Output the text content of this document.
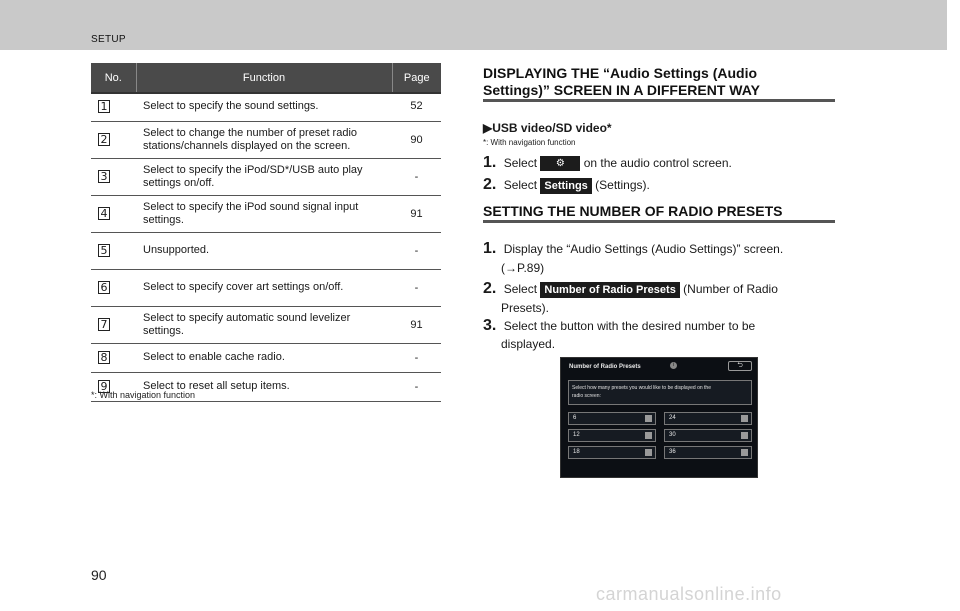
SETUP
No.	Function	Page
1	Select to specify the sound settings.	52
2	Select to change the number of preset radio stations/channels displayed on the screen.	90
3	Select to specify the iPod/SD*/USB auto play settings on/off.	-
4	Select to specify the iPod sound signal input settings.	91
5	Unsupported.	-
6	Select to specify cover art settings on/off.	-
7	Select to specify automatic sound levelizer settings.	91
8	Select to enable cache radio.	-
9	Select to reset all setup items.	-
*: With navigation function
DISPLAYING THE “Audio Settings (Audio
Settings)” SCREEN IN A DIFFERENT WAY
▶USB video/SD video*
*: With navigation function
1. Select ⚙ on the audio control screen.
2. Select Settings (Settings).
SETTING THE NUMBER OF RADIO PRESETS
1. Display the “Audio Settings (Audio Settings)” screen.
(→P.89)
2. Select Number of Radio Presets (Number of Radio
Presets).
3. Select the button with the desired number to be
displayed.
Number of Radio Presets	i	⮌
Select how many presets you would like to be displayed on the
radio screen:
6	24
12	30
18	36
90
carmanualsonline.info
